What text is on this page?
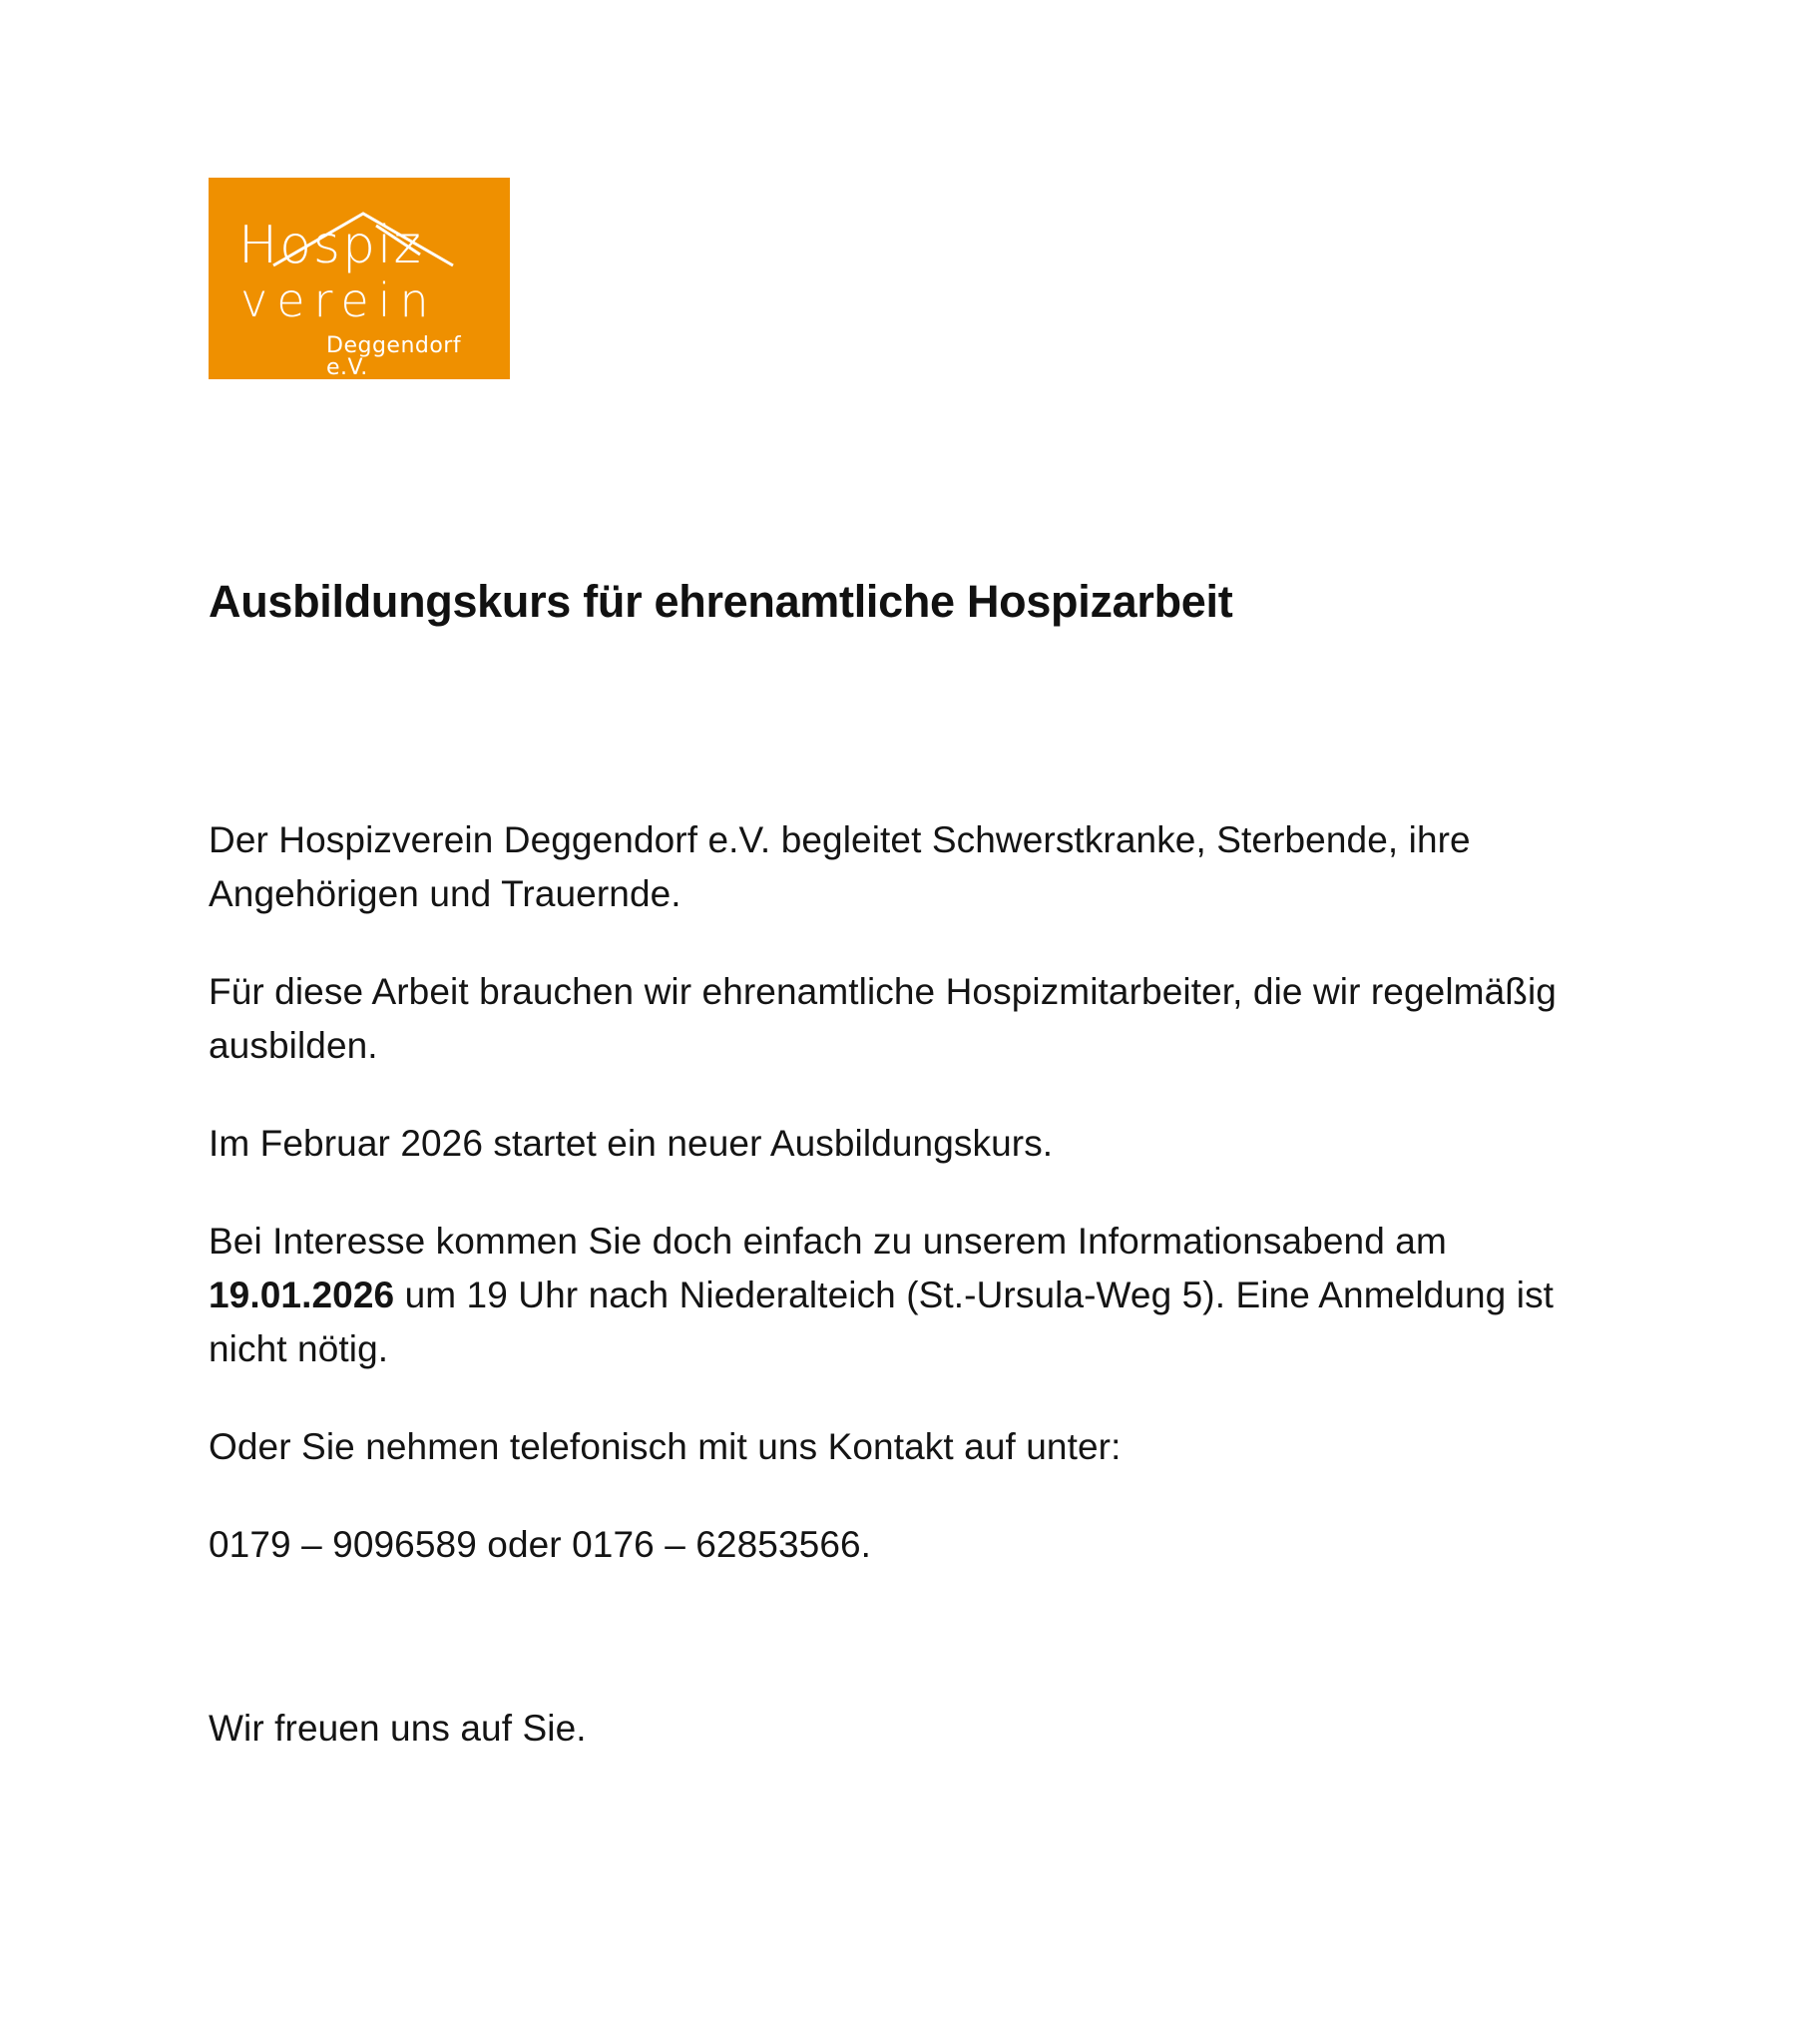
Hospiz
verein
Deggendorf e.V.
Ausbildungskurs für ehrenamtliche Hospizarbeit

Der Hospizverein Deggendorf e.V. begleitet Schwerstkranke, Sterbende, ihre Angehörigen und Trauernde.

Für diese Arbeit brauchen wir ehrenamtliche Hospizmitarbeiter, die wir regelmäßig ausbilden.

Im Februar 2026 startet ein neuer Ausbildungskurs.

Bei Interesse kommen Sie doch einfach zu unserem Informationsabend am 19.01.2026 um 19 Uhr nach Niederalteich (St.-Ursula-Weg 5). Eine Anmeldung ist nicht nötig.

Oder Sie nehmen telefonisch mit uns Kontakt auf unter:

0179 – 9096589 oder 0176 – 62853566.

Wir freuen uns auf Sie.
